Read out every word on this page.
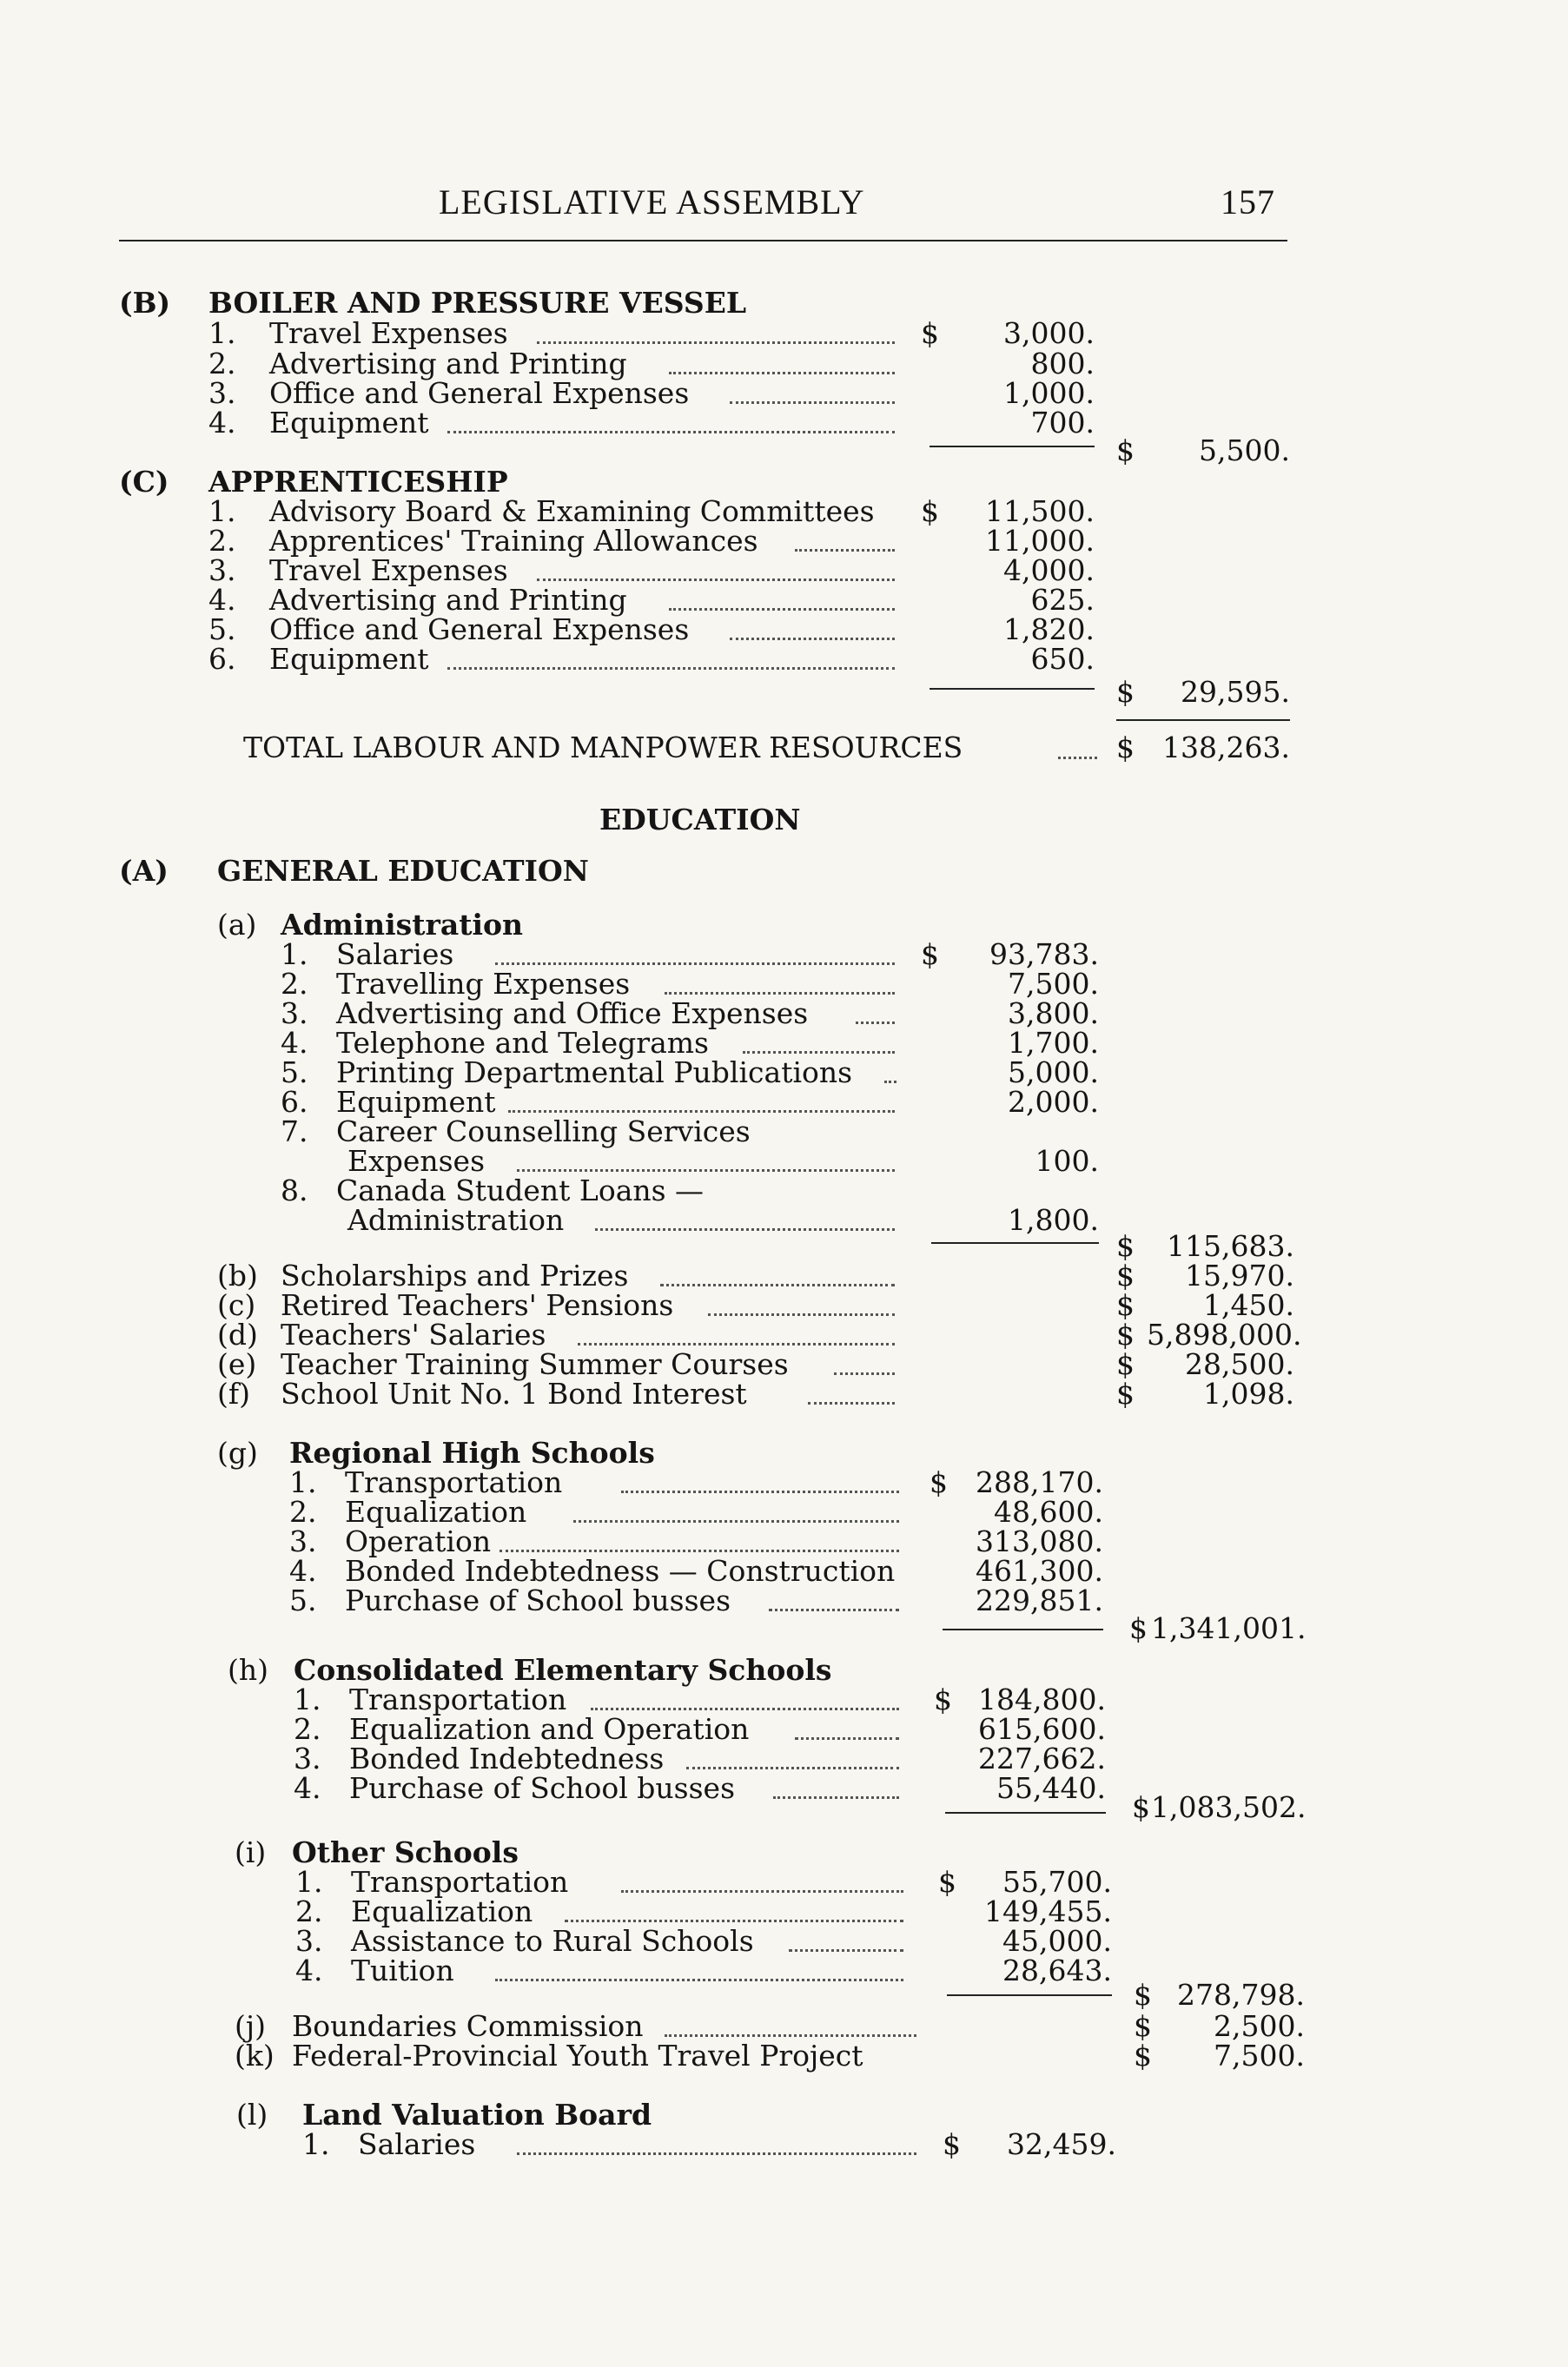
LEGISLATIVE ASSEMBLY	157
(B) BOILER AND PRESSURE VESSEL
1. Travel Expenses	$	3,000.
2. Advertising and Printing	800.
3. Office and General Expenses	1,000.
4. Equipment	700.
$	5,500.
(C) APPRENTICESHIP
1. Advisory Board & Examining Committees $	11,500.
2. Apprentices' Training Allowances	11,000.
3. Travel Expenses	4,000.
4. Advertising and Printing	625.
5. Office and General Expenses	1,820.
6. Equipment	650.
$	29,595.
TOTAL LABOUR AND MANPOWER RESOURCES	$ 138,263.
EDUCATION
(A) GENERAL EDUCATION
(a) Administration
1. Salaries	$	93,783.
2. Travelling Expenses	7,500.
3. Advertising and Office Expenses	3,800.
4. Telephone and Telegrams	1,700.
5. Printing Departmental Publications	5,000.
6. Equipment	2,000.
7. Career Counselling Services
Expenses	100.
8. Canada Student Loans —
Administration	1,800.
$	115,683.
(b) Scholarships and Prizes	$	15,970.
(c) Retired Teachers' Pensions	$	1,450.
(d) Teachers' Salaries	$ 5,898,000.
(e) Teacher Training Summer Courses	$	28,500.
(f) School Unit No. 1 Bond Interest	$	1,098.
(g) Regional High Schools
1. Transportation	$ 288,170.
2. Equalization	48,600.
3. Operation	313,080.
4. Bonded Indebtedness — Construction	461,300.
5. Purchase of School busses	229,851.
$ 1,341,001.
(h) Consolidated Elementary Schools
1. Transportation	$ 184,800.
2. Equalization and Operation	615,600.
3. Bonded Indebtedness	227,662.
4. Purchase of School busses	55,440.
$ 1,083,502.
(i) Other Schools
1. Transportation	$	55,700.
2. Equalization	149,455.
3. Assistance to Rural Schools	45,000.
4. Tuition	28,643.
$ 278,798.
(j) Boundaries Commission	$	2,500.
(k) Federal-Provincial Youth Travel Project	$	7,500.
(l) Land Valuation Board
1. Salaries	$	32,459.
